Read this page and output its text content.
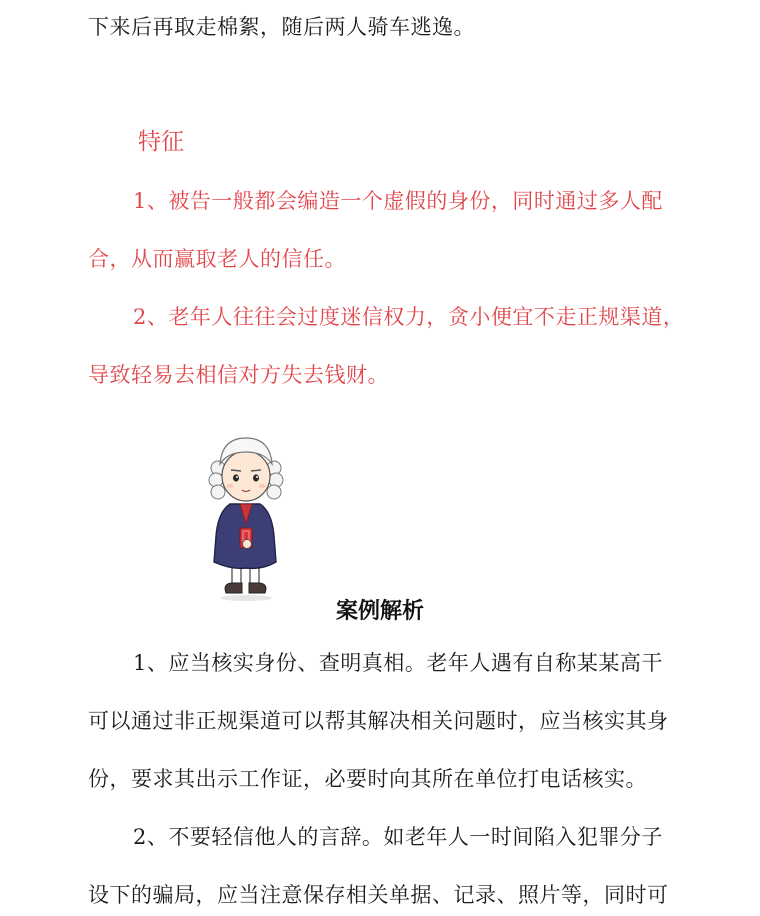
下来后再取走棉絮，随后两人骑车逃逸。
特征
1、被告一般都会编造一个虚假的身份，同时通过多人配
合，从而赢取老人的信任。
2、老年人往往会过度迷信权力，贪小便宜不走正规渠道，
导致轻易去相信对方失去钱财。
案例解析
1、应当核实身份、查明真相。老年人遇有自称某某高干
可以通过非正规渠道可以帮其解决相关问题时，应当核实其身
份，要求其出示工作证，必要时向其所在单位打电话核实。
2、不要轻信他人的言辞。如老年人一时间陷入犯罪分子
设下的骗局，应当注意保存相关单据、记录、照片等，同时可
